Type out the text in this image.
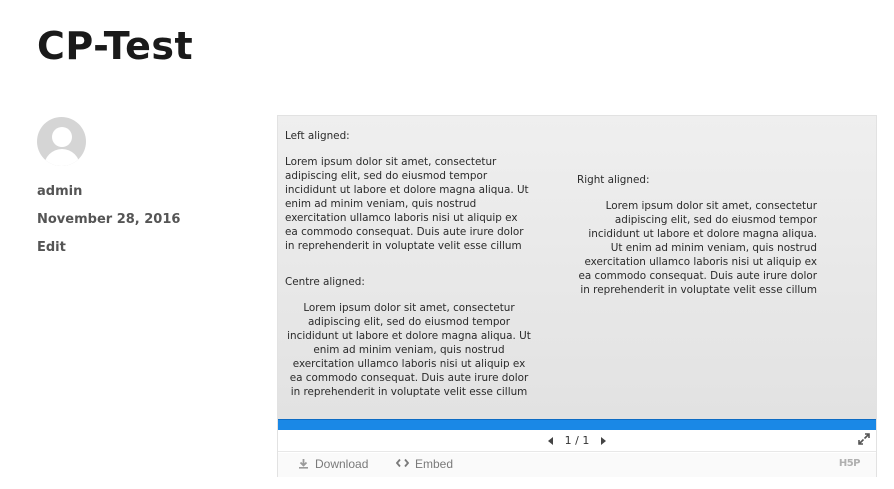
CP-Test
admin
November 28, 2016
Edit

Left aligned:

Lorem ipsum dolor sit amet, consectetur adipiscing elit, sed do eiusmod tempor incididunt ut labore et dolore magna aliqua. Ut enim ad minim veniam, quis nostrud exercitation ullamco laboris nisi ut aliquip ex ea commodo consequat. Duis aute irure dolor in reprehenderit in voluptate velit esse cillum

Centre aligned:

Lorem ipsum dolor sit amet, consectetur adipiscing elit, sed do eiusmod tempor incididunt ut labore et dolore magna aliqua. Ut enim ad minim veniam, quis nostrud exercitation ullamco laboris nisi ut aliquip ex ea commodo consequat. Duis aute irure dolor in reprehenderit in voluptate velit esse cillum

Right aligned:

Lorem ipsum dolor sit amet, consectetur adipiscing elit, sed do eiusmod tempor incididunt ut labore et dolore magna aliqua. Ut enim ad minim veniam, quis nostrud exercitation ullamco laboris nisi ut aliquip ex ea commodo consequat. Duis aute irure dolor in reprehenderit in voluptate velit esse cillum

1 / 1
Download	Embed	H5P
